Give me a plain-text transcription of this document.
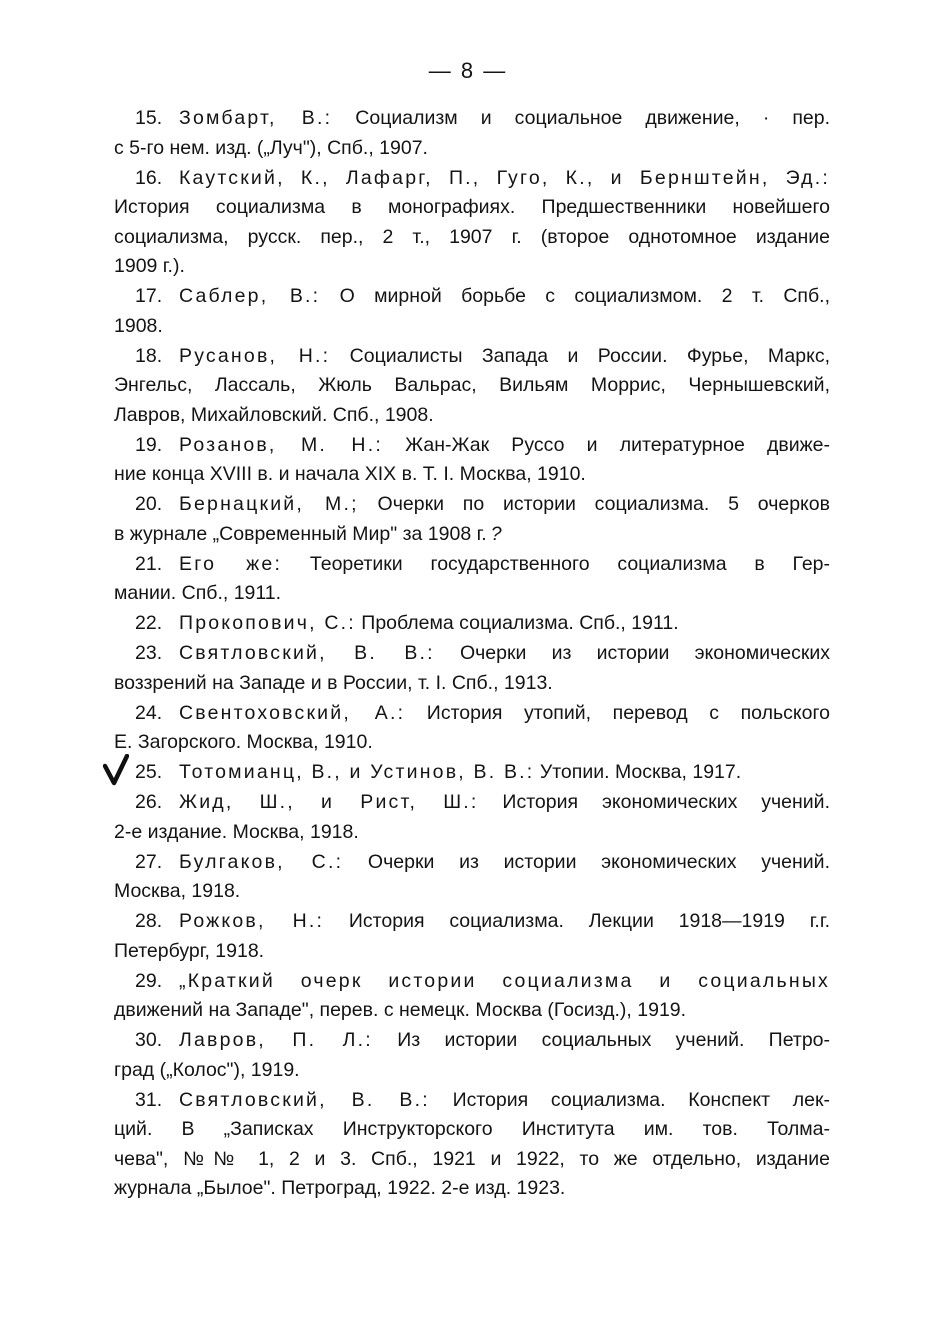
— 8 —
15. Зомбарт, В.: Социализм и социальное движение, · пер.
с 5-го нем. изд. („Луч"), Спб., 1907.
16. Каутский, К., Лафарг, П., Гуго, К., и Бернштейн, Эд.:
История социализма в монографиях. Предшественники новейшего
социализма, русск. пер., 2 т., 1907 г. (второе однотомное издание
1909 г.).
17. Саблер, В.: О мирной борьбе с социализмом. 2 т. Спб.,
1908.
18. Русанов, Н.: Социалисты Запада и России. Фурье, Маркс,
Энгельс, Лассаль, Жюль Вальрас, Вильям Моррис, Чернышевский,
Лавров, Михайловский. Спб., 1908.
19. Розанов, М. Н.: Жан-Жак Руссо и литературное движе-
ние конца XVIII в. и начала XIX в. Т. I. Москва, 1910.
20. Бернацкий, М.; Очерки по истории социализма. 5 очерков
в журнале „Современный Мир" за 1908 г. ?
21. Его же: Теоретики государственного социализма в Гер-
мании. Спб., 1911.
22. Прокопович, С.: Проблема социализма. Спб., 1911.
23. Святловский, В. В.: Очерки из истории экономических
воззрений на Западе и в России, т. I. Спб., 1913.
24. Свентоховский, А.: История утопий, перевод с польского
Е. Загорского. Москва, 1910.
25. Тотомианц, В., и Устинов, В. В.: Утопии. Москва, 1917.
26. Жид, Ш., и Рист, Ш.: История экономических учений.
2-е издание. Москва, 1918.
27. Булгаков, С.: Очерки из истории экономических учений.
Москва, 1918.
28. Рожков, Н.: История социализма. Лекции 1918—1919 г.г.
Петербург, 1918.
29. „Краткий очерк истории социализма и социальных
движений на Западе", перев. с немецк. Москва (Госизд.), 1919.
30. Лавров, П. Л.: Из истории социальных учений. Петро-
град („Колос"), 1919.
31. Святловский, В. В.: История социализма. Конспект лек-
ций. В „Записках Инструкторского Института им. тов. Толма-
чева", №№ 1, 2 и 3. Спб., 1921 и 1922, то же отдельно, издание
журнала „Былое". Петроград, 1922. 2-е изд. 1923.
